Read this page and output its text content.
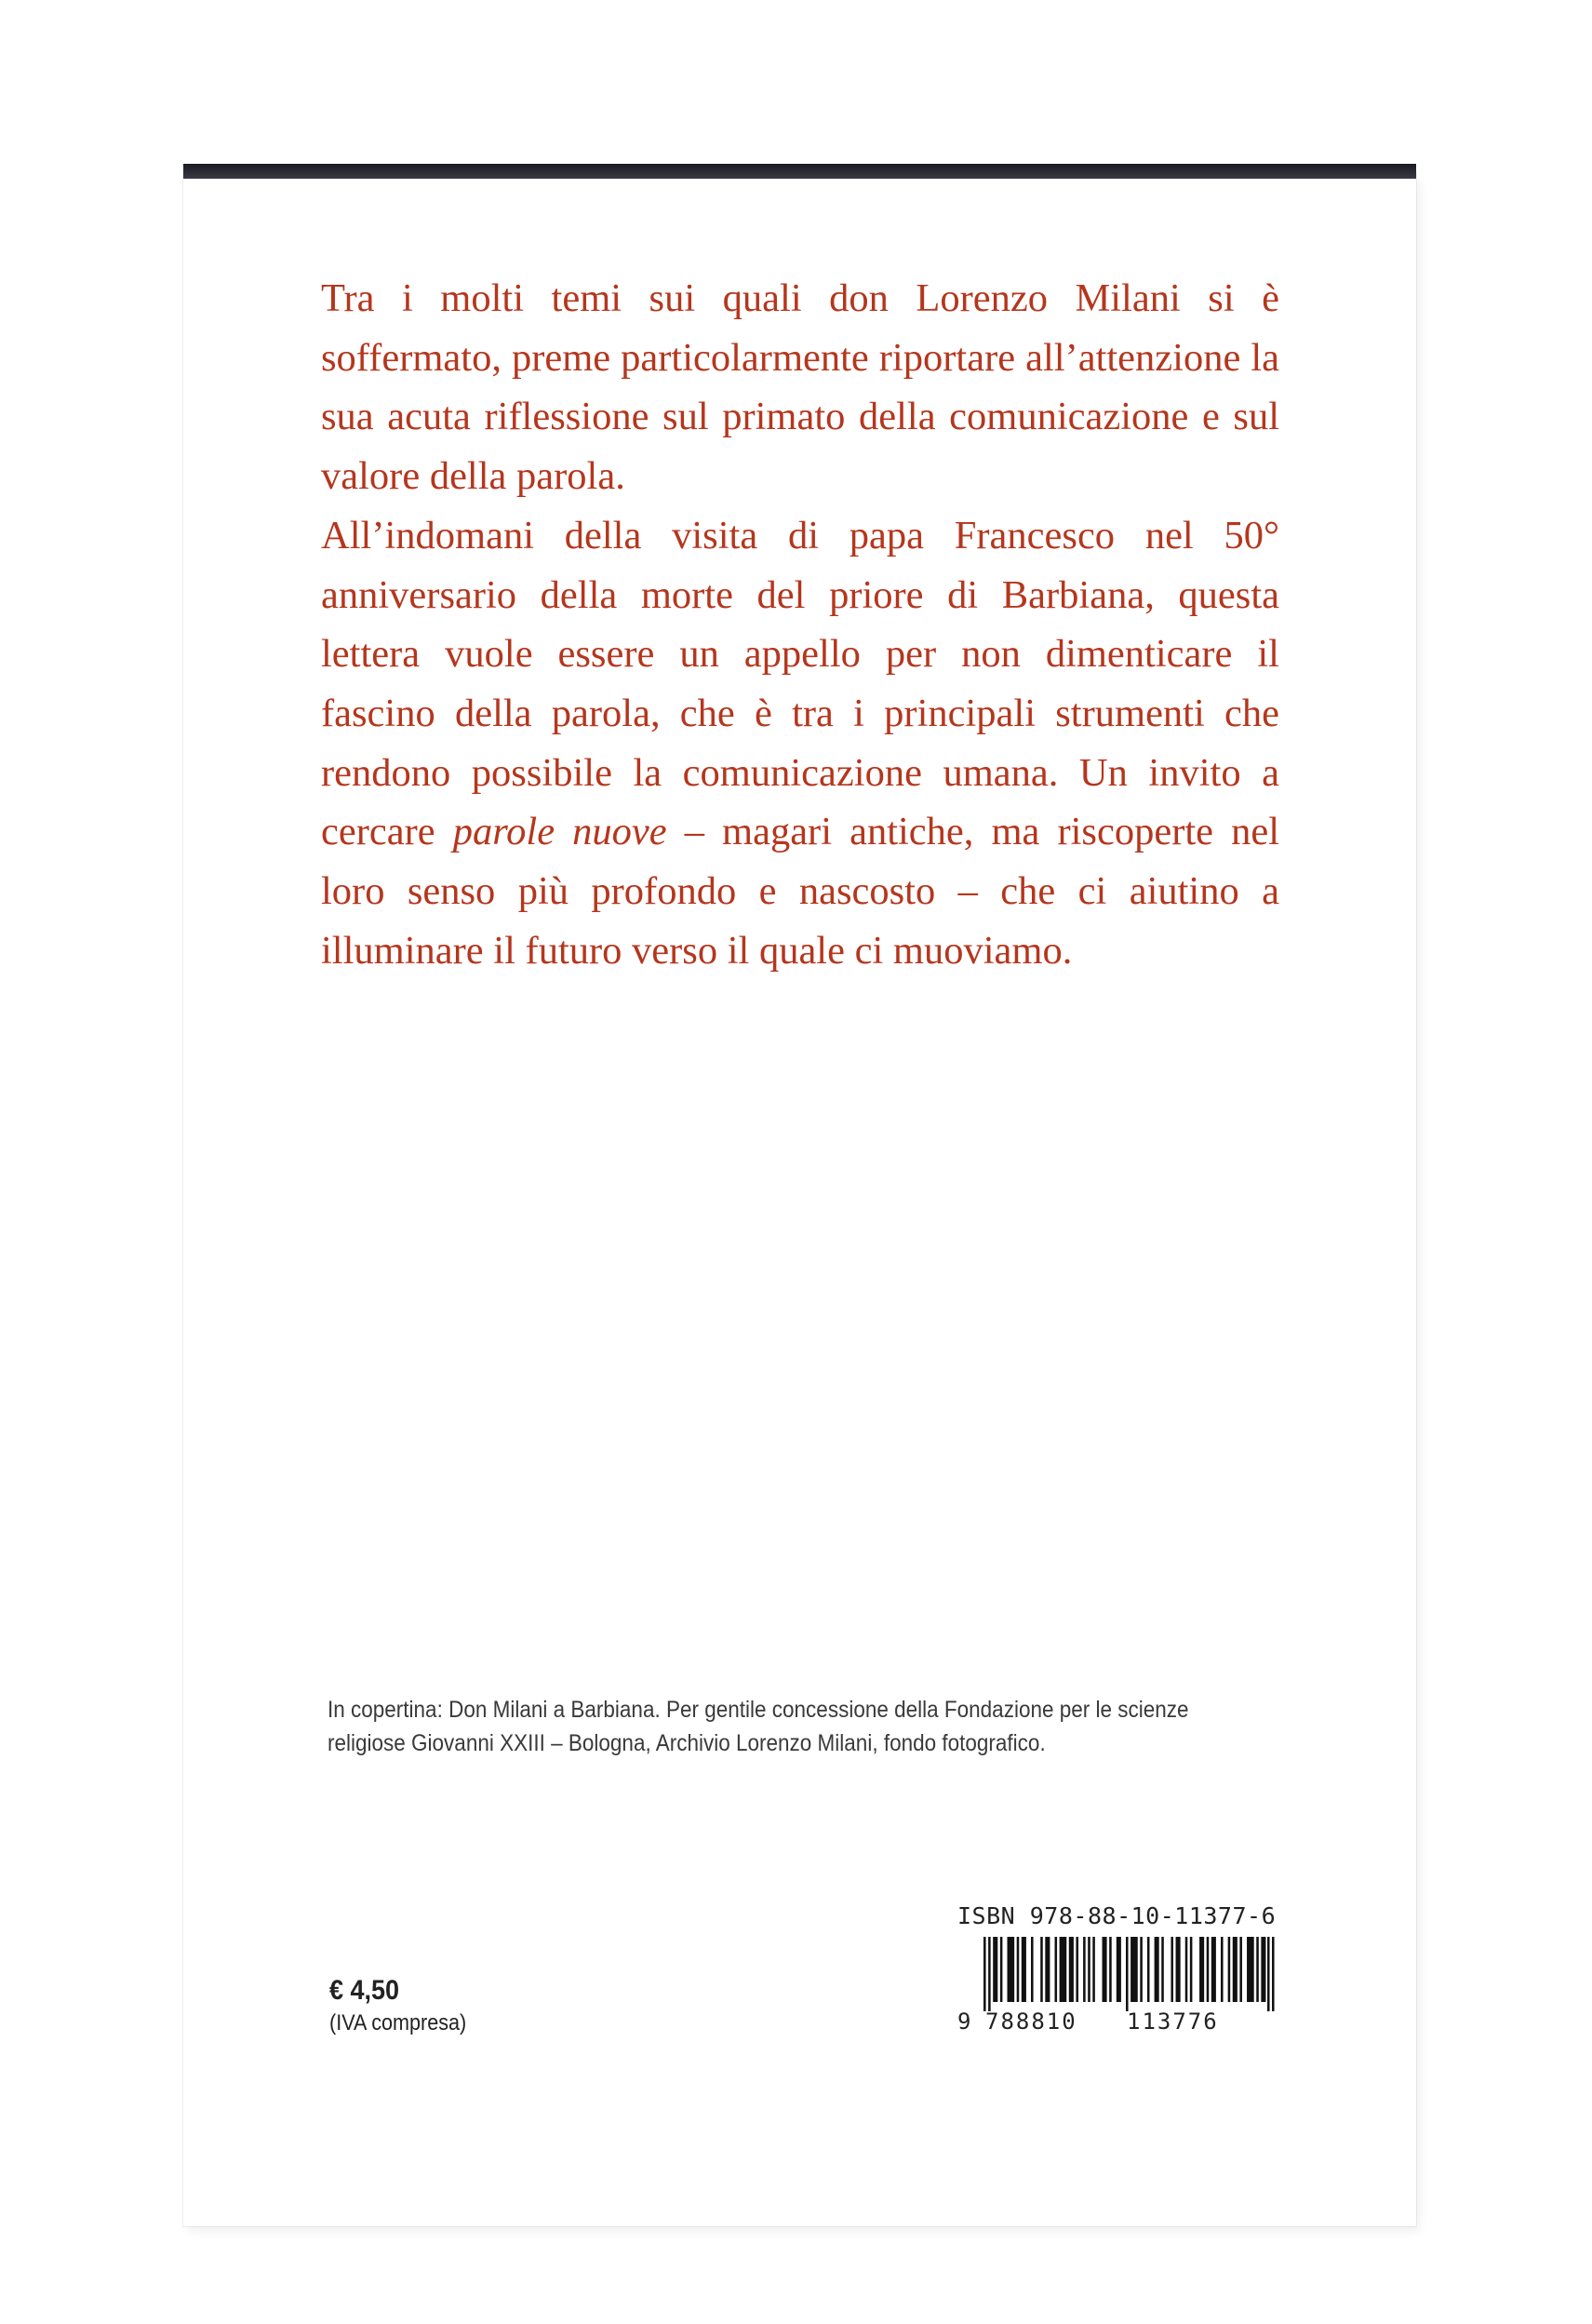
Tra i molti temi sui quali don Lorenzo Milani si è soffermato, preme particolarmente riportare all’attenzione la sua acuta riflessione sul primato della comunicazione e sul valore della parola.

All’indomani della visita di papa Francesco nel 50° anniversario della morte del priore di Barbiana, questa lettera vuole essere un appello per non dimenticare il fascino della parola, che è tra i principali strumenti che rendono possibile la comunicazione umana. Un invito a cercare parole nuove – magari antiche, ma riscoperte nel loro senso più profondo e nascosto – che ci aiutino a illuminare il futuro verso il quale ci muoviamo.

In copertina: Don Milani a Barbiana. Per gentile concessione della Fondazione per le scienze
religiose Giovanni XXIII – Bologna, Archivio Lorenzo Milani, fondo fotografico.
€ 4,50
(IVA compresa)
ISBN 978-88-10-11377-6
9 788810 113776
